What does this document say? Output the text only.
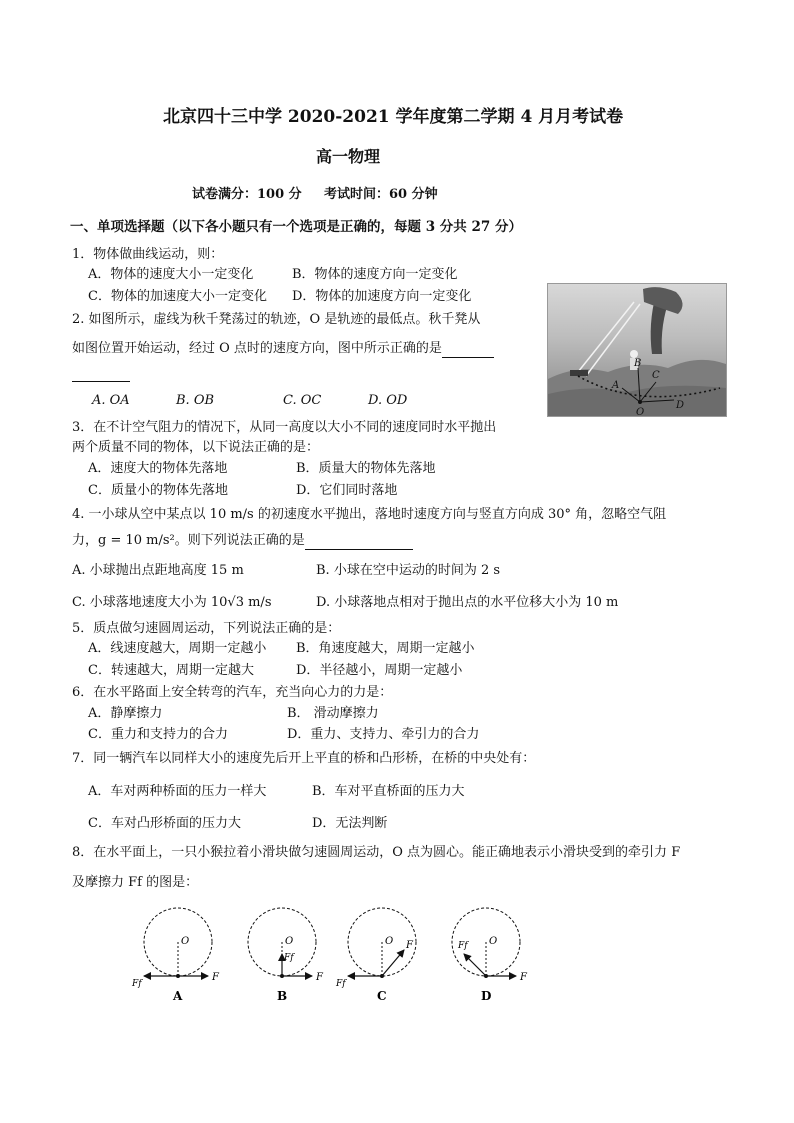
北京四十三中学 2020-2021 学年度第二学期 4 月月考试卷
高一物理
试卷满分：100 分 考试时间：60 分钟
一、单项选择题（以下各小题只有一个选项是正确的，每题 3 分共 27 分）
1．物体做曲线运动，则：
A．物体的速度大小一定变化	B．物体的速度方向一定变化
C．物体的加速度大小一定变化 D．物体的加速度方向一定变化
A
B
C
O
D
2. 如图所示，虚线为秋千凳荡过的轨迹，O 是轨迹的最低点。秋千凳从
如图位置开始运动，经过 O 点时的速度方向，图中所示正确的是
A. OA	B. OB	C. OC	D. OD
3．在不计空气阻力的情况下，从同一高度以大小不同的速度同时水平抛出
两个质量不同的物体，以下说法正确的是：
A．速度大的物体先落地	B．质量大的物体先落地
C．质量小的物体先落地	D．它们同时落地
4. 一小球从空中某点以 10 m/s 的初速度水平抛出，落地时速度方向与竖直方向成 30° 角，忽略空气阻
力，g = 10 m/s²。则下列说法正确的是
A. 小球抛出点距地高度 15 m	B. 小球在空中运动的时间为 2 s
C. 小球落地速度大小为 10√3 m/s	D. 小球落地点相对于抛出点的水平位移大小为 10 m
5．质点做匀速圆周运动，下列说法正确的是：
A．线速度越大，周期一定越小 B．角速度越大，周期一定越小
C．转速越大，周期一定越大	D．半径越小，周期一定越小
6．在水平路面上安全转弯的汽车，充当向心力的力是：
A．静摩擦力	B． 滑动摩擦力
C．重力和支持力的合力	D．重力、支持力、牵引力的合力
7．同一辆汽车以同样大小的速度先后开上平直的桥和凸形桥，在桥的中央处有：
A．车对两种桥面的压力一样大	B．车对平直桥面的压力大
C．车对凸形桥面的压力大	D．无法判断
8．在水平面上，一只小猴拉着小滑块做匀速圆周运动，O 点为圆心。能正确地表示小滑块受到的牵引力 F
及摩擦力 Ff 的图是：
O
F
Ff
A
O
F
Ff
B
O F
Ff
C
O
F
Ff
D
